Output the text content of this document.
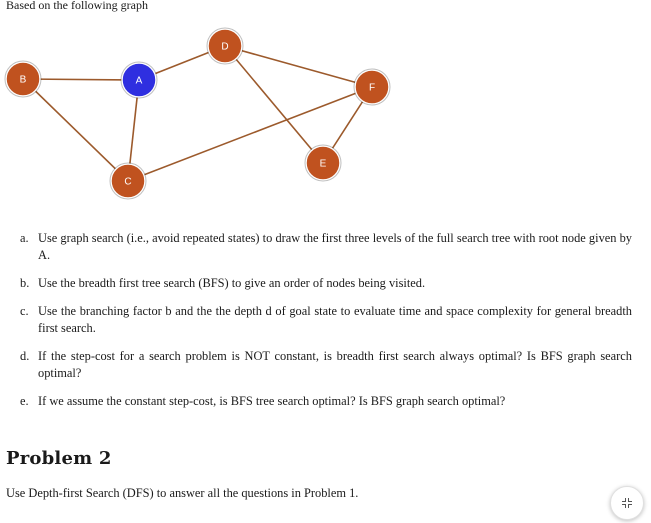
Based on the following graph

B	A
C
D
E
F
a. Use graph search (i.e., avoid repeated states) to draw the first three levels of the full search tree with root node given by A.
b. Use the breadth first tree search (BFS) to give an order of nodes being visited.
c. Use the branching factor b and the the depth d of goal state to evaluate time and space complexity for general breadth first search.
d. If the step-cost for a search problem is NOT constant, is breadth first search always optimal? Is BFS graph search optimal?
e. If we assume the constant step-cost, is BFS tree search optimal? Is BFS graph search optimal?
Problem 2

Use Depth-first Search (DFS) to answer all the questions in Problem 1.
